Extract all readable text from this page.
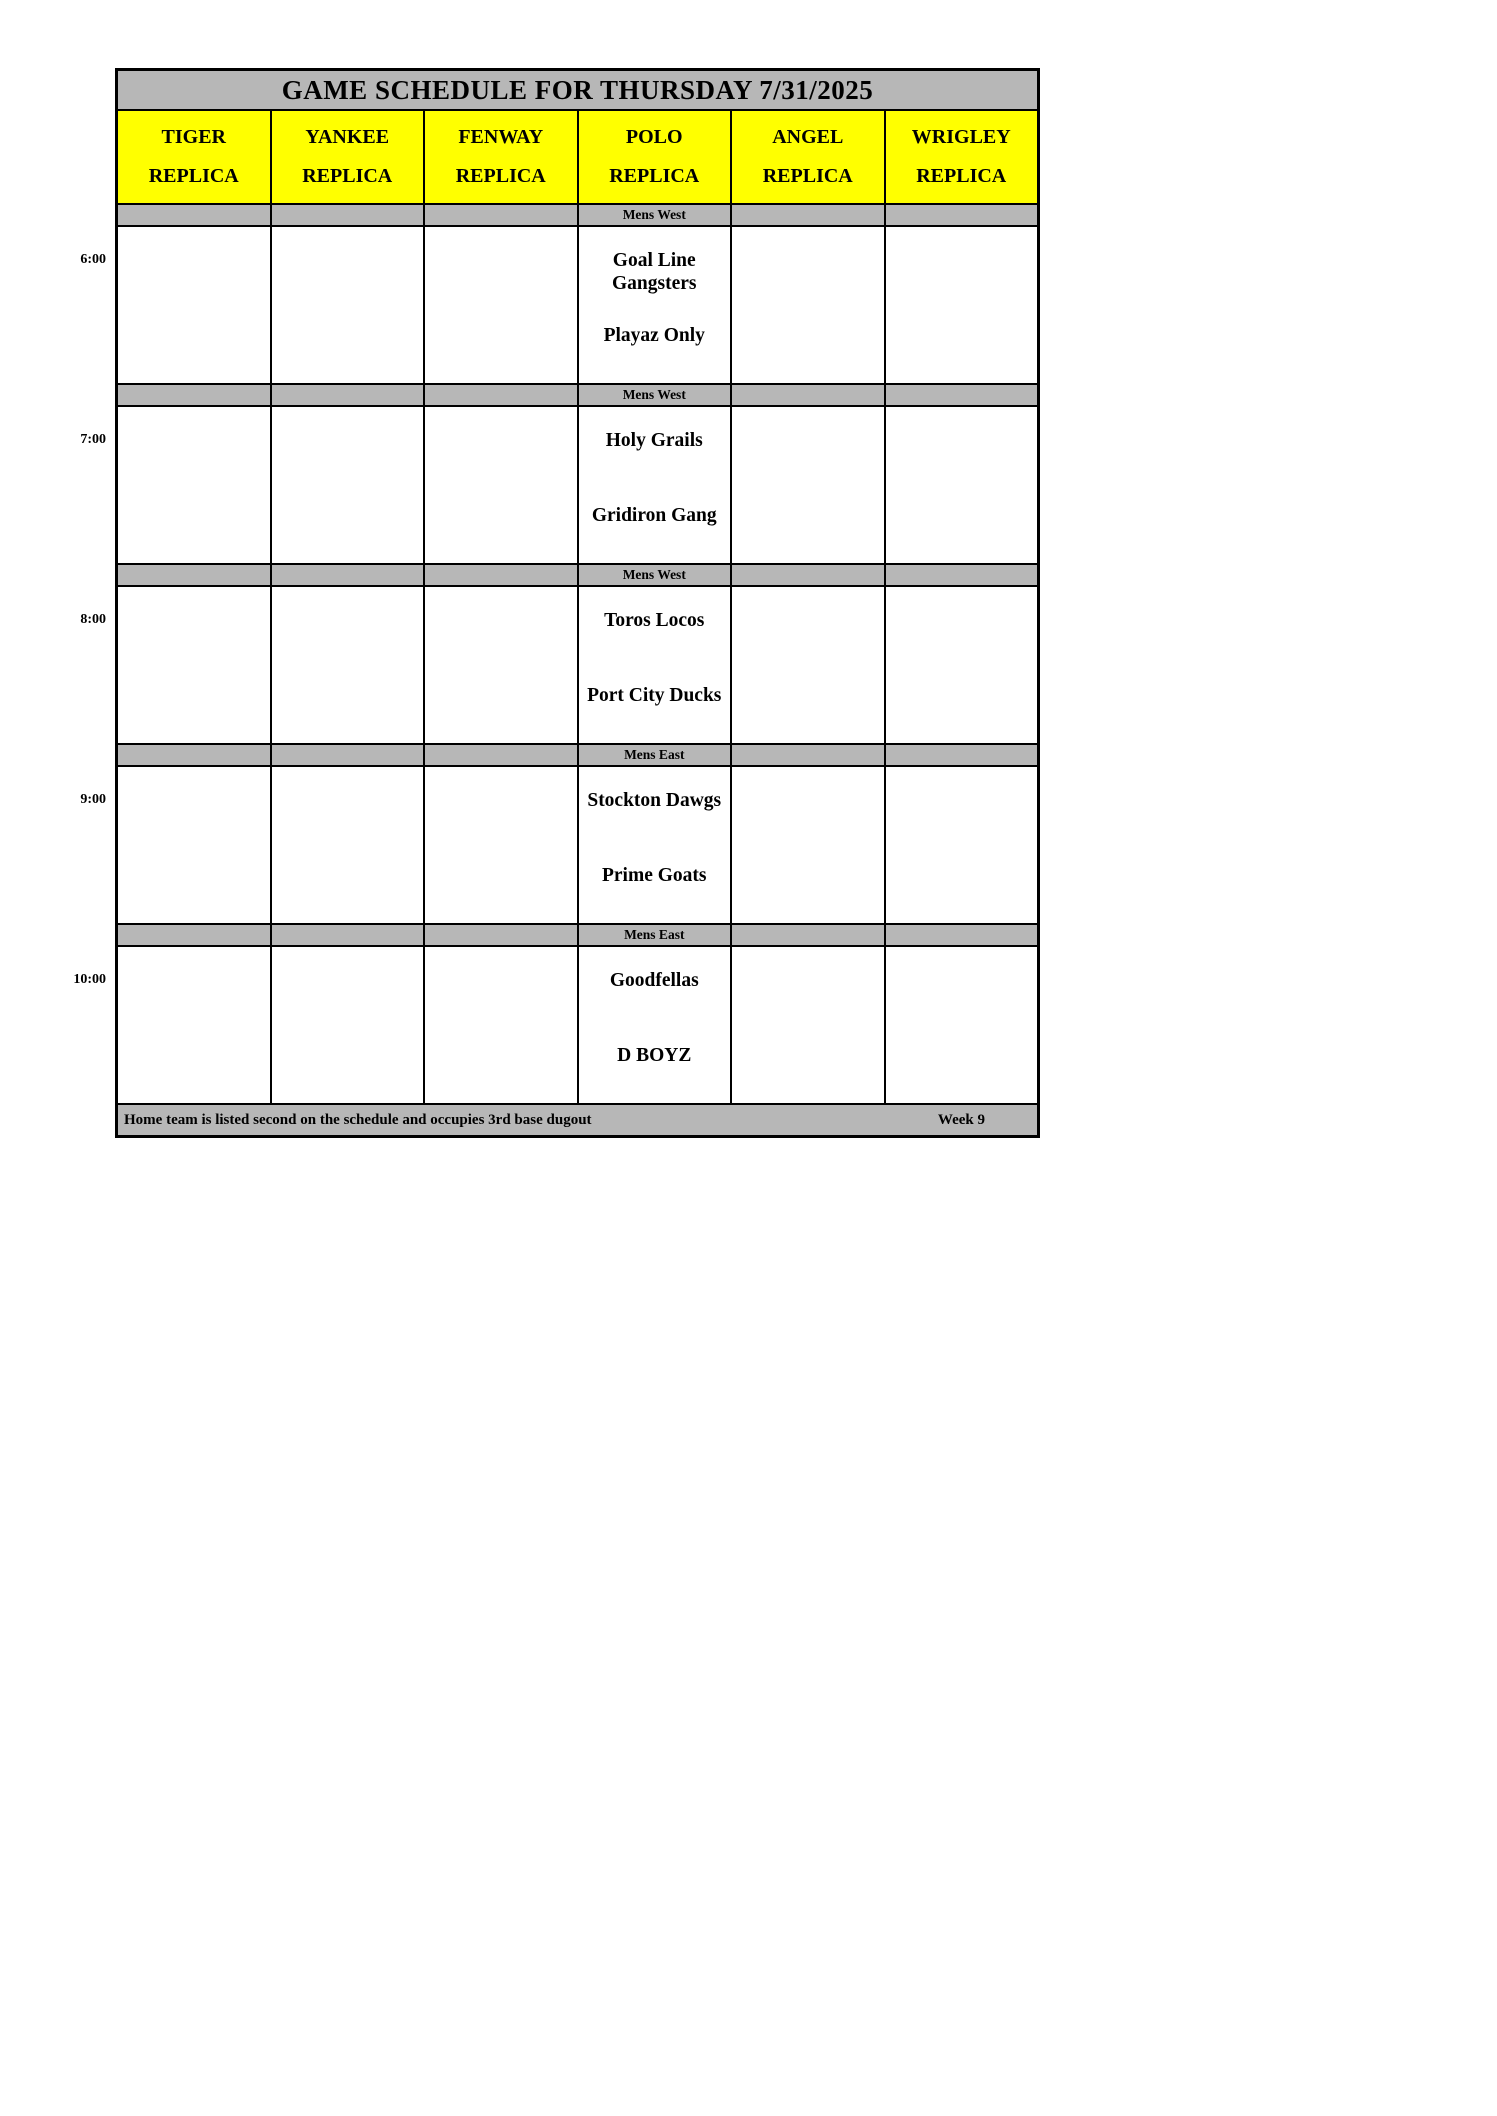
6:00
7:00
8:00
9:00
10:00
GAME SCHEDULE FOR THURSDAY 7/31/2025
TIGER
REPLICA
YANKEE
REPLICA
FENWAY
REPLICA
POLO
REPLICA
ANGEL
REPLICA
WRIGLEY
REPLICA
Mens West
Goal Line Gangsters
Playaz Only
Mens West
Holy Grails
Gridiron Gang
Mens West
Toros Locos
Port City Ducks
Mens East
Stockton Dawgs
Prime Goats
Mens East
Goodfellas
D BOYZ
Home team is listed second on the schedule and occupies 3rd base dugout	Week 9
